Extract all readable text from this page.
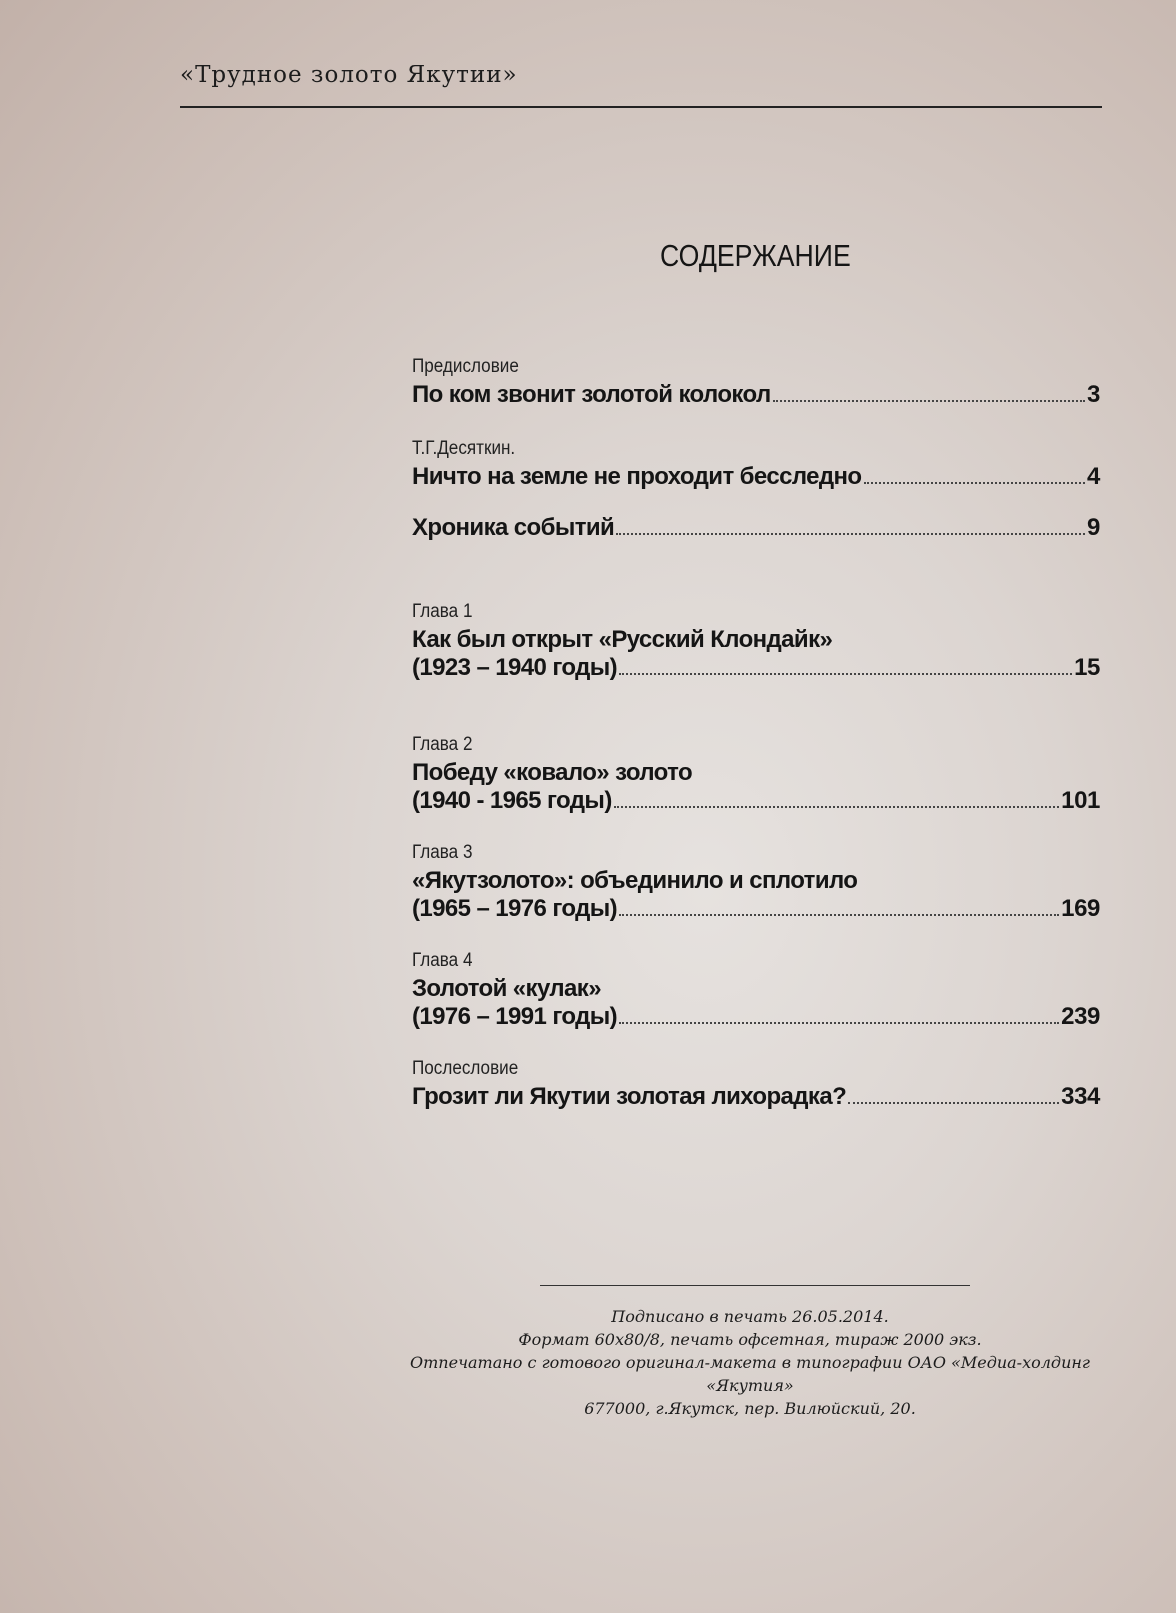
«Трудное золото Якутии»
СОДЕРЖАНИЕ
Предисловие
По ком звонит золотой колокол	3
Т.Г.Десяткин.
Ничто на земле не проходит бесследно	4
Хроника событий	9
Глава 1
Как был открыт «Русский Клондайк»
(1923 – 1940 годы)	15
Глава 2
Победу «ковало» золото
(1940 - 1965 годы)	101
Глава 3
«Якутзолото»: объединило и сплотило
(1965 – 1976 годы)	169
Глава 4
Золотой «кулак»
(1976 – 1991 годы)	239
Послесловие
Грозит ли Якутии золотая лихорадка?	334
Подписано в печать 26.05.2014.
Формат 60х80/8, печать офсетная, тираж 2000 экз.
Отпечатано с готового оригинал-макета в типографии ОАО «Медиа-холдинг
«Якутия»
677000, г.Якутск, пер. Вилюйский, 20.
